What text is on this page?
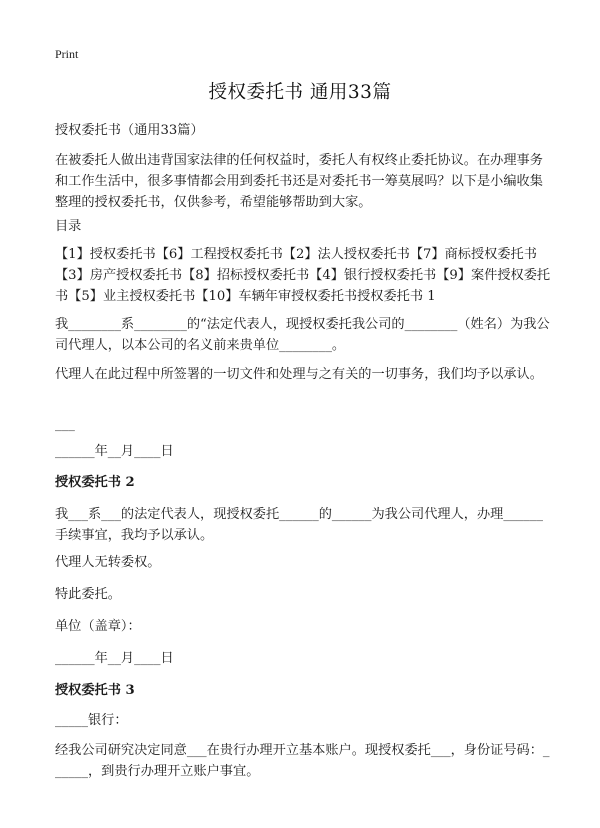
Print
授权委托书 通用33篇
授权委托书（通用33篇）
在被委托人做出违背国家法律的任何权益时，委托人有权终止委托协议。在办理事务和工作生活中，很多事情都会用到委托书还是对委托书一筹莫展吗？以下是小编收集整理的授权委托书，仅供参考，希望能够帮助到大家。
目录
【1】授权委托书【6】工程授权委托书【2】法人授权委托书【7】商标授权委托书【3】房产授权委托书【8】招标授权委托书【4】银行授权委托书【9】案件授权委托书【5】业主授权委托书【10】车辆年审授权委托书授权委托书 1
我________系________的“法定代表人，现授权委托我公司的________（姓名）为我公司代理人，以本公司的名义前来贵单位________。
代理人在此过程中所签署的一切文件和处理与之有关的一切事务，我们均予以承认。
___
______年__月____日
授权委托书 2
我___系___的法定代表人，现授权委托______的______为我公司代理人，办理______手续事宜，我均予以承认。
代理人无转委权。
特此委托。
单位（盖章）：
______年__月____日
授权委托书 3
_____银行：
经我公司研究决定同意___在贵行办理开立基本账户。现授权委托___，身份证号码：______，到贵行办理开立账户事宜。
